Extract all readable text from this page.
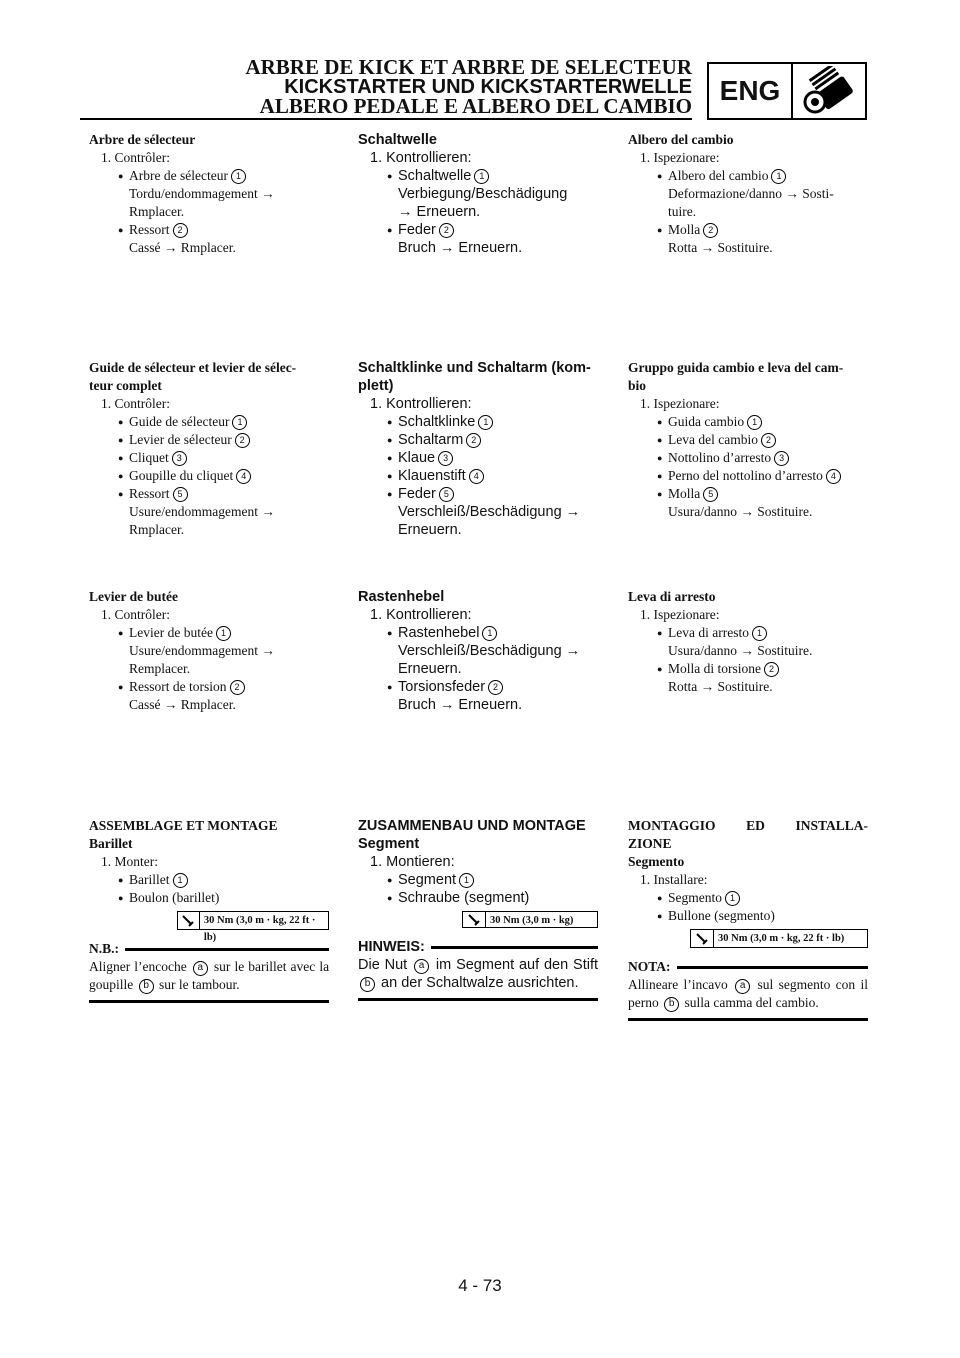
ARBRE DE KICK ET ARBRE DE SELECTEUR
KICKSTARTER UND KICKSTARTERWELLE
ALBERO PEDALE E ALBERO DEL CAMBIO ENG
Arbre de sélecteur
1. Contrôler:
● Arbre de sélecteur 1
Tordu/endommagement →
Rmplacer.
● Ressort 2
Cassé → Rmplacer.
Guide de sélecteur et levier de sélec-
teur complet
1. Contrôler:
● Guide de sélecteur 1
● Levier de sélecteur 2
● Cliquet 3
● Goupille du cliquet 4
● Ressort 5
Usure/endommagement →
Rmplacer.
Levier de butée
1. Contrôler:
● Levier de butée 1
Usure/endommagement →
Remplacer.
● Ressort de torsion 2
Cassé → Rmplacer.
ASSEMBLAGE ET MONTAGE
Barillet
1. Monter:
● Barillet 1
● Boulon (barillet)
30 Nm (3,0 m · kg, 22 ft · lb)
N.B.:
Aligner l’encoche a sur le barillet avec la goupille b sur le tambour.
Schaltwelle
1. Kontrollieren:
● Schaltwelle 1
Verbiegung/Beschädigung
→ Erneuern.
● Feder 2
Bruch → Erneuern.
Schaltklinke und Schaltarm (kom-
plett)
1. Kontrollieren:
● Schaltklinke 1
● Schaltarm 2
● Klaue 3
● Klauenstift 4
● Feder 5
Verschleiß/Beschädigung →
Erneuern.
Rastenhebel
1. Kontrollieren:
● Rastenhebel 1
Verschleiß/Beschädigung →
Erneuern.
● Torsionsfeder 2
Bruch → Erneuern.
ZUSAMMENBAU UND MONTAGE
Segment
1. Montieren:
● Segment 1
● Schraube (segment)
30 Nm (3,0 m · kg)
HINWEIS:
Die Nut a im Segment auf den Stift b an der Schaltwalze ausrichten.
Albero del cambio
1. Ispezionare:
● Albero del cambio 1
Deformazione/danno → Sosti-
tuire.
● Molla 2
Rotta → Sostituire.
Gruppo guida cambio e leva del cam-
bio
1. Ispezionare:
● Guida cambio 1
● Leva del cambio 2
● Nottolino d’arresto 3
● Perno del nottolino d’arresto 4
● Molla 5
Usura/danno → Sostituire.
Leva di arresto
1. Ispezionare:
● Leva di arresto 1
Usura/danno → Sostituire.
● Molla di torsione 2
Rotta → Sostituire.
MONTAGGIO ED INSTALLA-
ZIONE
Segmento
1. Installare:
● Segmento 1
● Bullone (segmento)
30 Nm (3,0 m · kg, 22 ft · lb)
NOTA:
Allineare l’incavo a sul segmento con il perno b sulla camma del cambio.
4 - 73
